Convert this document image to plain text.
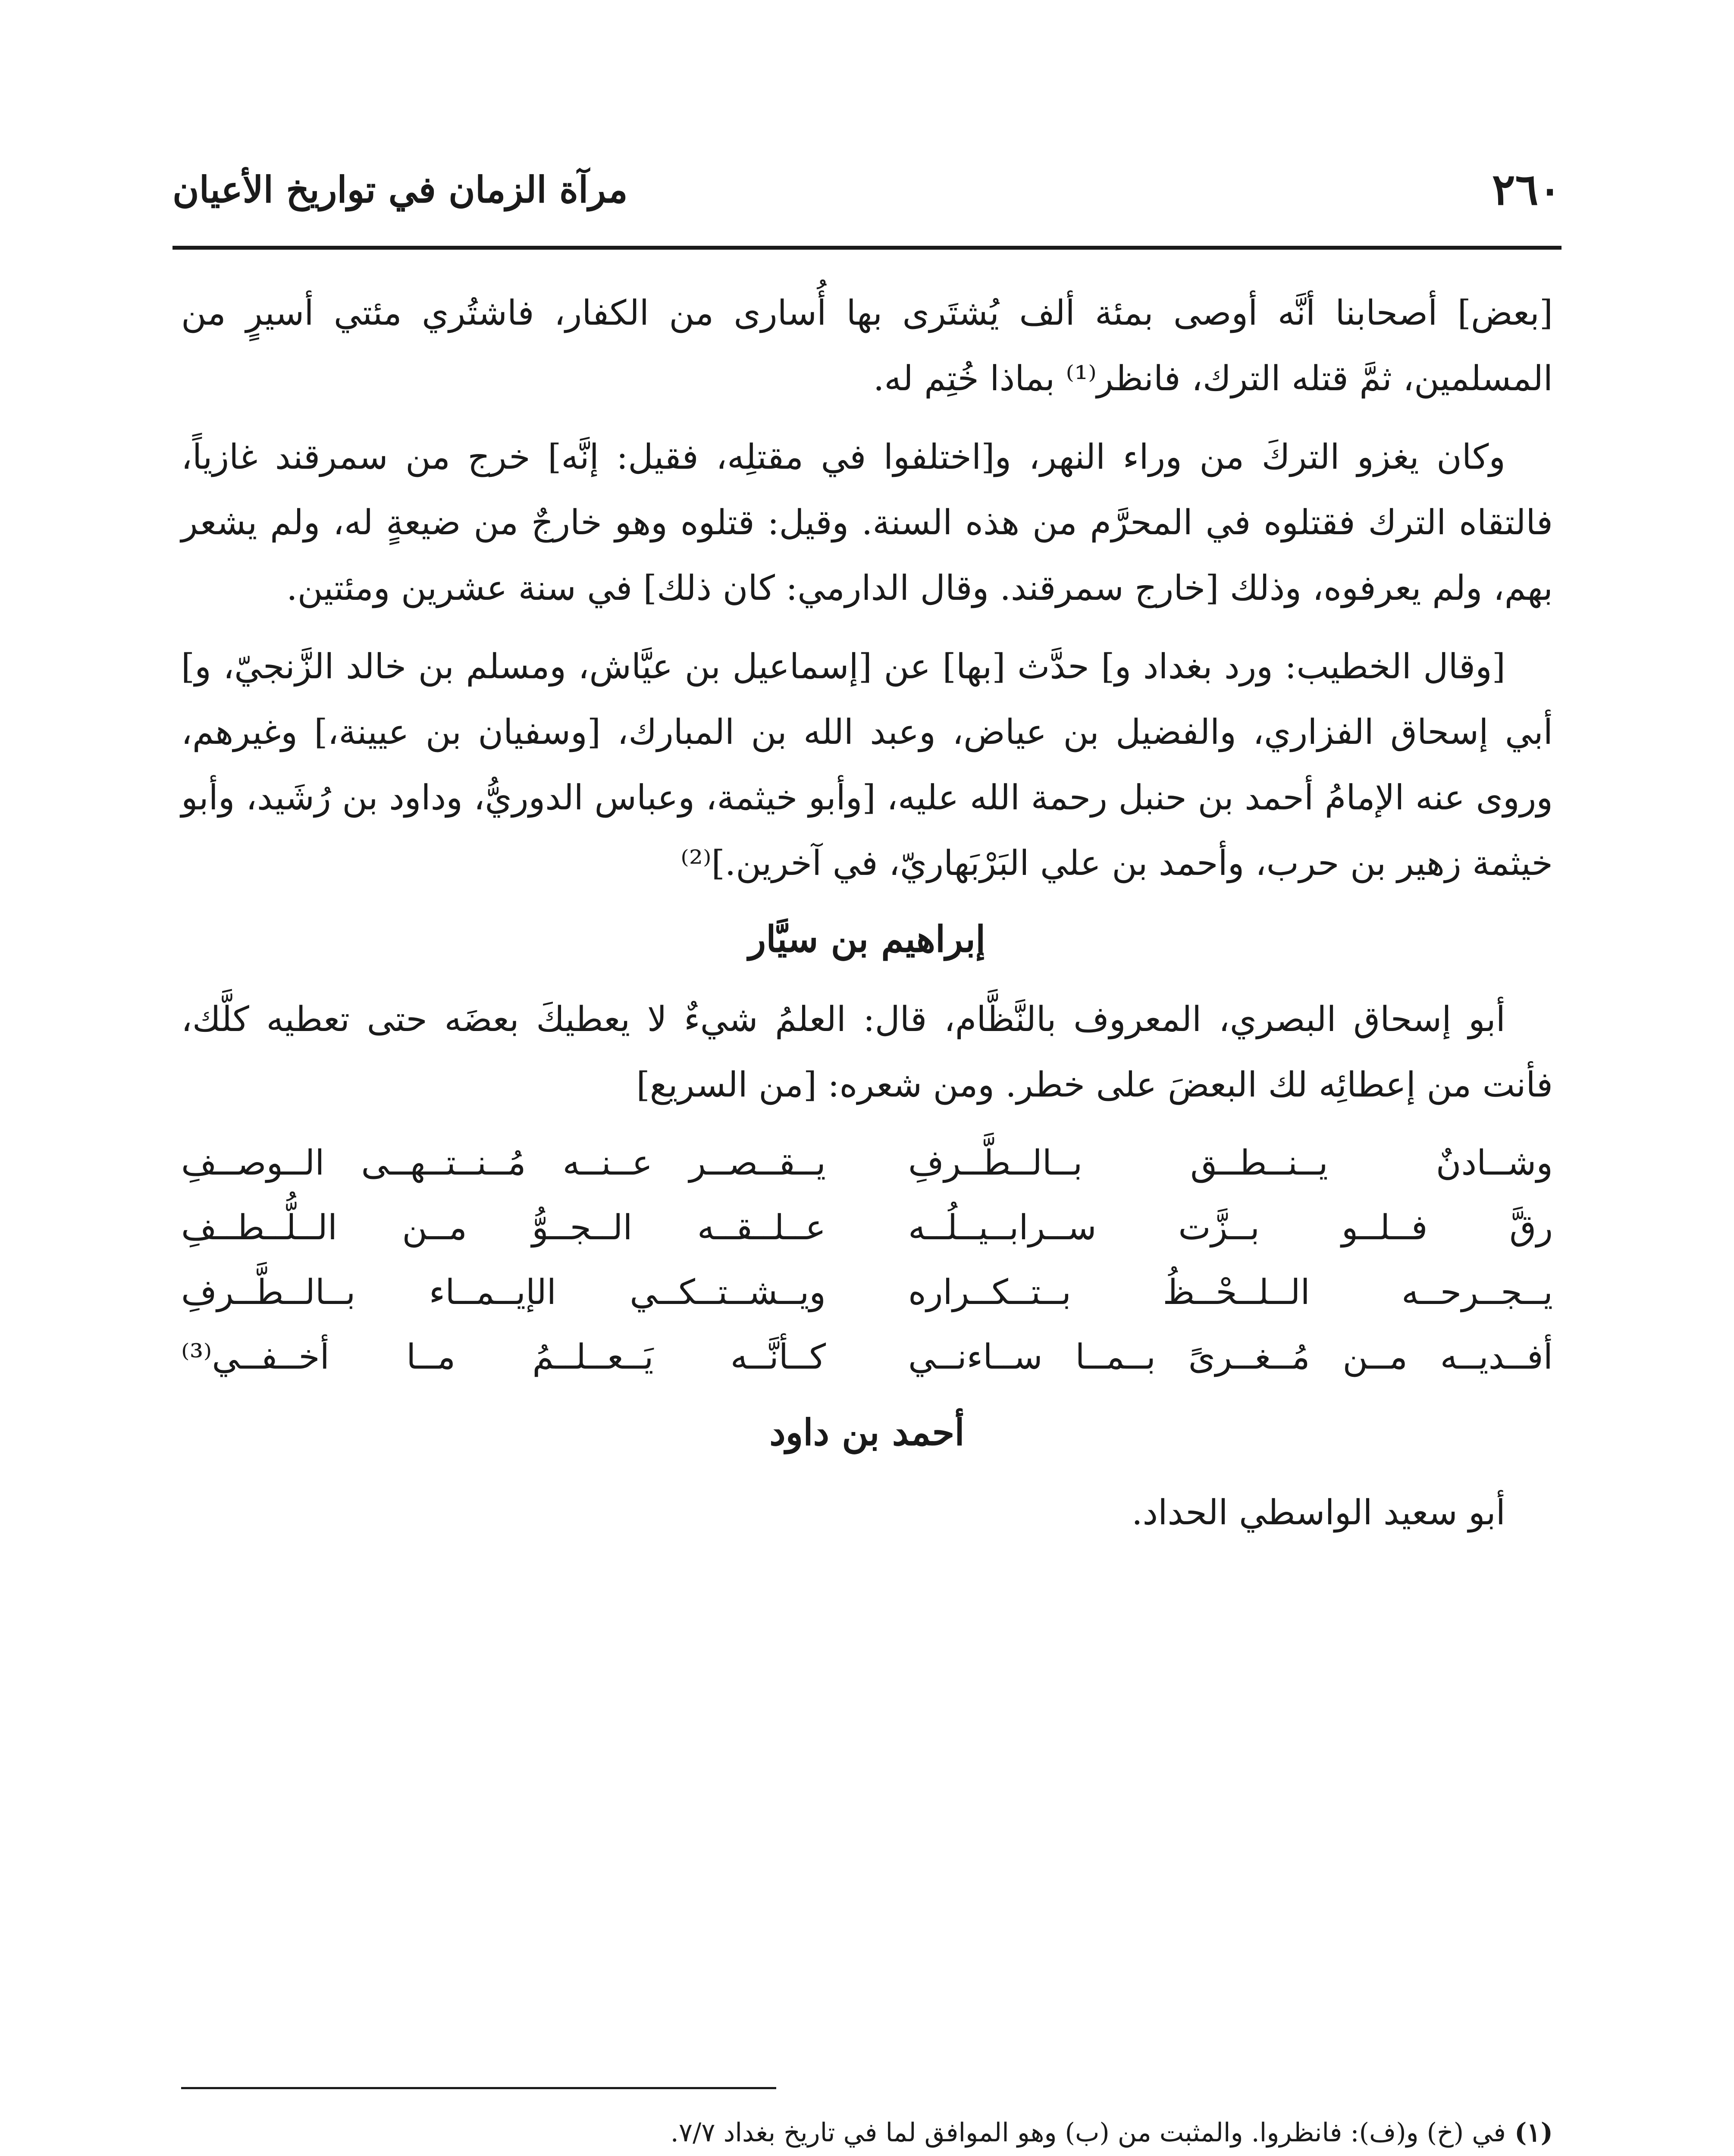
٢٦٠
مرآة الزمان في تواريخ الأعيان

[بعض] أصحابنا أنَّه أوصى بمئة ألف يُشتَرى بها أُسارى من الكفار، فاشتُري مئتي أسيرٍ من المسلمين، ثمَّ قتله الترك، فانظر⁽¹⁾ بماذا خُتِم له.

وكان يغزو التركَ من وراء النهر، و[اختلفوا في مقتلِه، فقيل: إنَّه] خرج من سمرقند غازياً، فالتقاه الترك فقتلوه في المحرَّم من هذه السنة. وقيل: قتلوه وهو خارجٌ من ضيعةٍ له، ولم يشعر بهم، ولم يعرفوه، وذلك [خارج سمرقند. وقال الدارمي: كان ذلك] في سنة عشرين ومئتين.

[وقال الخطيب: ورد بغداد و] حدَّث [بها] عن [إسماعيل بن عيَّاش، ومسلم بن خالد الزَّنجيّ، و] أبي إسحاق الفزاري، والفضيل بن عياض، وعبد الله بن المبارك، [وسفيان بن عيينة،] وغيرهم، وروى عنه الإمامُ أحمد بن حنبل رحمة الله عليه، [وأبو خيثمة، وعباس الدوريُّ، وداود بن رُشَيد، وأبو خيثمة زهير بن حرب، وأحمد بن علي البَرْبَهاريّ، في آخرين.]⁽²⁾

إبراهيم بن سيَّار

أبو إسحاق البصري، المعروف بالنَّظَّام، قال: العلمُ شيءٌ لا يعطيكَ بعضَه حتى تعطيه كلَّك، فأنت من إعطائِه لك البعضَ على خطر. ومن شعره: [من السريع]

وشــادنٌ يــنــطــق بــالــطَّــرفِ
يــقــصــر عــنــه مُــنــتــهــى الــوصــفِ
رقَّ فــلــو بــزَّت ســرابــيــلُــه
عــلــقــه الــجــوُّ مــن الــلُّــطــفِ
يــجــرحــه الــلــحْــظُ بــتــكــراره
ويــشــتــكــي الإيــمــاء بــالــطَّــرفِ
أفــديــه مــن مُــغــرىً بــمــا ســاءنــي
كــأنَّــه يَــعــلــمُ مــا أخــفــي⁽³⁾
أحمد بن داود

أبو سعيد الواسطي الحداد.

(١)في (خ) و(ف): فانظروا. والمثبت من (ب) وهو الموافق لما في تاريخ بغداد ٧/٧.
